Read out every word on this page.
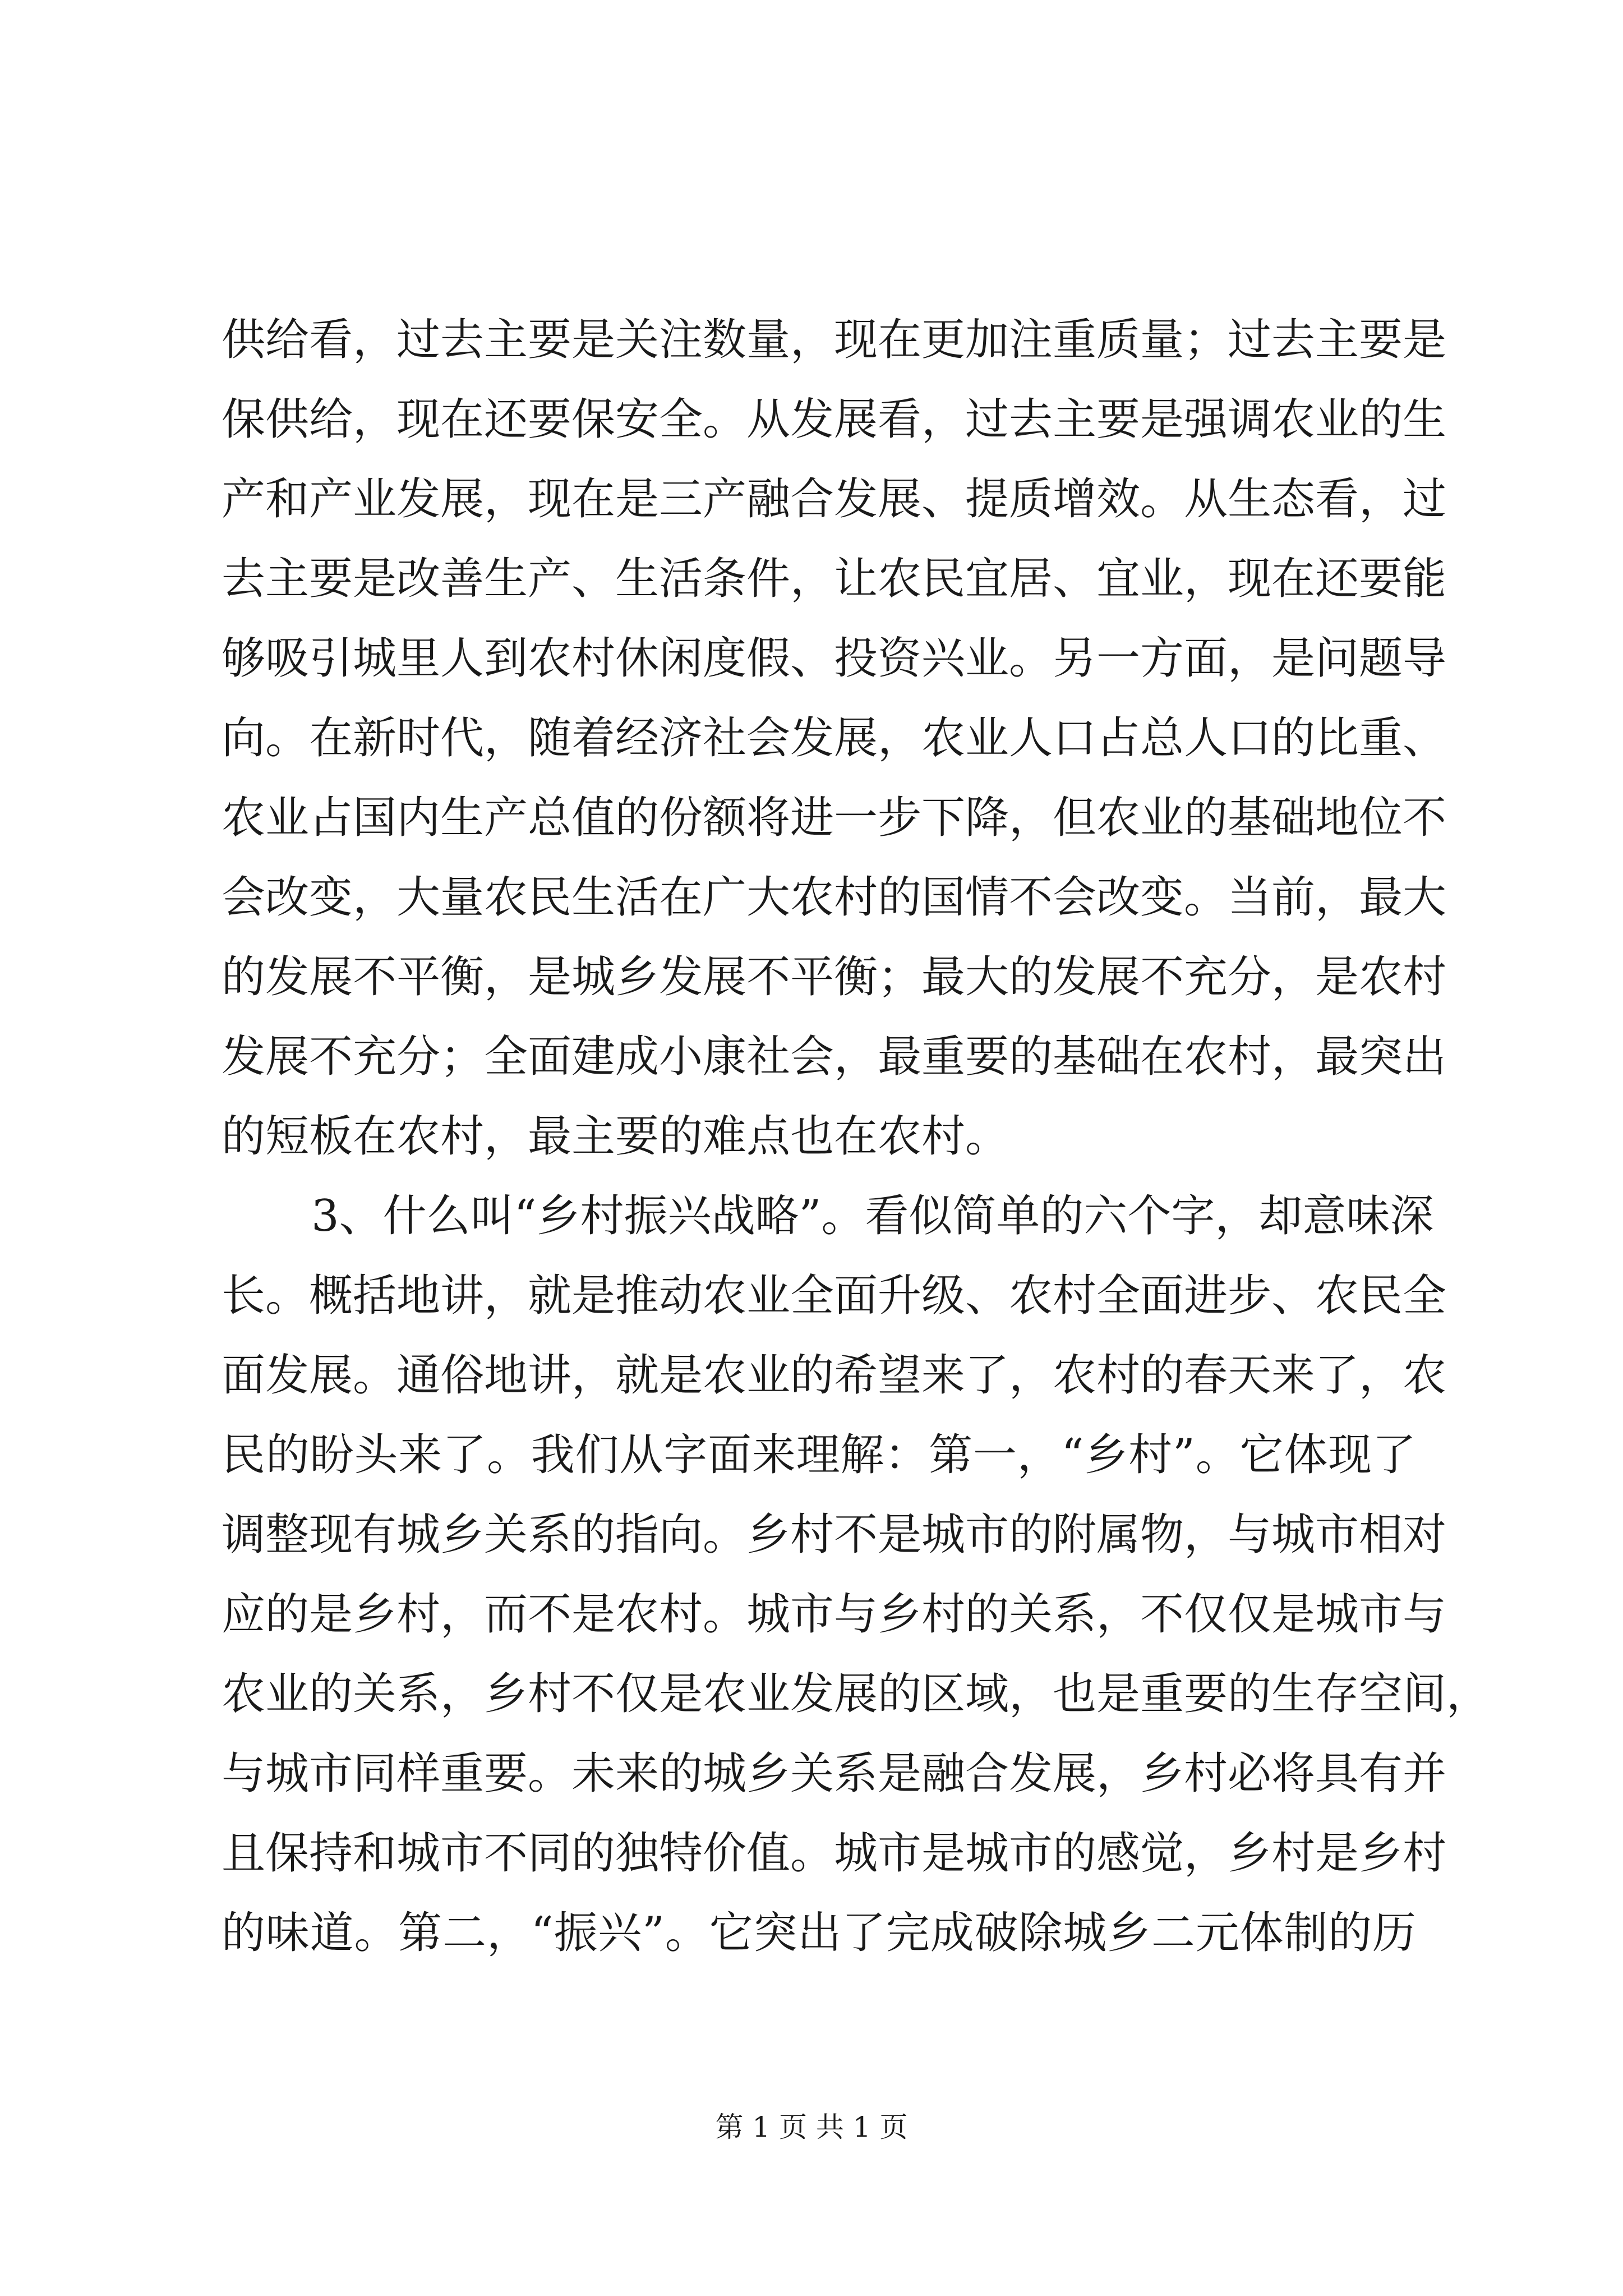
供给看，过去主要是关注数量，现在更加注重质量；过去主要是
保供给，现在还要保安全。从发展看，过去主要是强调农业的生
产和产业发展，现在是三产融合发展、提质增效。从生态看，过
去主要是改善生产、生活条件，让农民宜居、宜业，现在还要能
够吸引城里人到农村休闲度假、投资兴业。另一方面，是问题导
向。在新时代，随着经济社会发展，农业人口占总人口的比重、
农业占国内生产总值的份额将进一步下降，但农业的基础地位不
会改变，大量农民生活在广大农村的国情不会改变。当前，最大
的发展不平衡，是城乡发展不平衡；最大的发展不充分，是农村
发展不充分；全面建成小康社会，最重要的基础在农村，最突出
的短板在农村，最主要的难点也在农村。
3、什么叫“乡村振兴战略”。看似简单的六个字，却意味深
长。概括地讲，就是推动农业全面升级、农村全面进步、农民全
面发展。通俗地讲，就是农业的希望来了，农村的春天来了，农
民的盼头来了。我们从字面来理解：第一，“乡村”。它体现了
调整现有城乡关系的指向。乡村不是城市的附属物，与城市相对
应的是乡村，而不是农村。城市与乡村的关系，不仅仅是城市与
农业的关系，乡村不仅是农业发展的区域，也是重要的生存空间，
与城市同样重要。未来的城乡关系是融合发展，乡村必将具有并
且保持和城市不同的独特价值。城市是城市的感觉，乡村是乡村
的味道。第二，“振兴”。它突出了完成破除城乡二元体制的历
第 1 页 共 1 页
